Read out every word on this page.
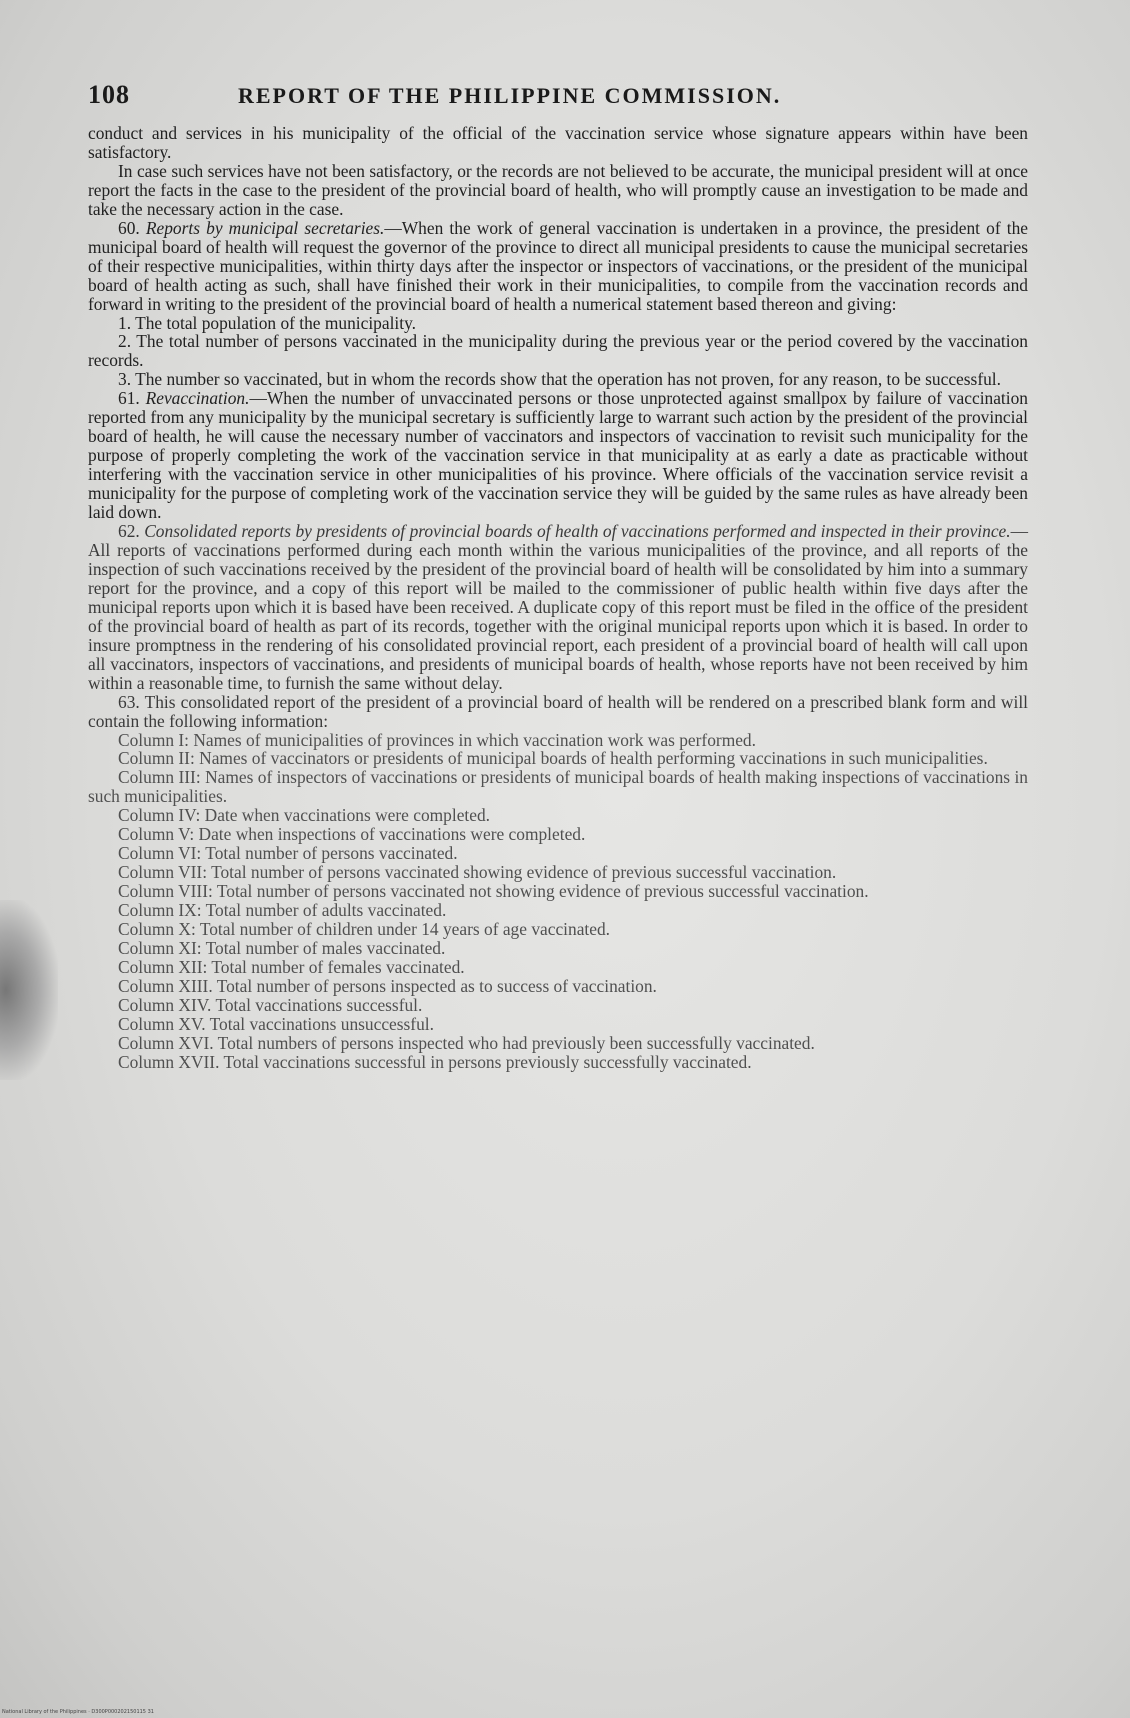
108	REPORT OF THE PHILIPPINE COMMISSION.

conduct and services in his municipality of the official of the vaccination service whose signature appears within have been satisfactory.

In case such services have not been satisfactory, or the records are not believed to be accurate, the municipal president will at once report the facts in the case to the president of the provincial board of health, who will promptly cause an investigation to be made and take the necessary action in the case.

60. Reports by municipal secretaries.—When the work of general vaccination is undertaken in a province, the president of the municipal board of health will request the governor of the province to direct all municipal presidents to cause the municipal secretaries of their respective municipalities, within thirty days after the inspector or inspectors of vaccinations, or the president of the municipal board of health acting as such, shall have finished their work in their municipalities, to compile from the vaccination records and forward in writing to the president of the provincial board of health a numerical statement based thereon and giving:

1. The total population of the municipality.

2. The total number of persons vaccinated in the municipality during the previous year or the period covered by the vaccination records.

3. The number so vaccinated, but in whom the records show that the operation has not proven, for any reason, to be successful.

61. Revaccination.—When the number of unvaccinated persons or those unprotected against smallpox by failure of vaccination reported from any municipality by the municipal secretary is sufficiently large to warrant such action by the president of the provincial board of health, he will cause the necessary number of vaccinators and inspectors of vaccination to revisit such municipality for the purpose of properly completing the work of the vaccination service in that municipality at as early a date as practicable without interfering with the vaccination service in other municipalities of his province. Where officials of the vaccination service revisit a municipality for the purpose of completing work of the vaccination service they will be guided by the same rules as have already been laid down.

62. Consolidated reports by presidents of provincial boards of health of vaccinations performed and inspected in their province.—All reports of vaccinations performed during each month within the various municipalities of the province, and all reports of the inspection of such vaccinations received by the president of the provincial board of health will be consolidated by him into a summary report for the province, and a copy of this report will be mailed to the commissioner of public health within five days after the municipal reports upon which it is based have been received. A duplicate copy of this report must be filed in the office of the president of the provincial board of health as part of its records, together with the original municipal reports upon which it is based. In order to insure promptness in the rendering of his consolidated provincial report, each president of a provincial board of health will call upon all vaccinators, inspectors of vaccinations, and presidents of municipal boards of health, whose reports have not been received by him within a reasonable time, to furnish the same without delay.

63. This consolidated report of the president of a provincial board of health will be rendered on a prescribed blank form and will contain the following information:

Column I: Names of municipalities of provinces in which vaccination work was performed.

Column II: Names of vaccinators or presidents of municipal boards of health performing vaccinations in such municipalities.

Column III: Names of inspectors of vaccinations or presidents of municipal boards of health making inspections of vaccinations in such municipalities.

Column IV: Date when vaccinations were completed.

Column V: Date when inspections of vaccinations were completed.

Column VI: Total number of persons vaccinated.

Column VII: Total number of persons vaccinated showing evidence of previous successful vaccination.

Column VIII: Total number of persons vaccinated not showing evidence of previous successful vaccination.

Column IX: Total number of adults vaccinated.

Column X: Total number of children under 14 years of age vaccinated.

Column XI: Total number of males vaccinated.

Column XII: Total number of females vaccinated.

Column XIII. Total number of persons inspected as to success of vaccination.

Column XIV. Total vaccinations successful.

Column XV. Total vaccinations unsuccessful.

Column XVI. Total numbers of persons inspected who had previously been successfully vaccinated.

Column XVII. Total vaccinations successful in persons previously successfully vaccinated.

National Library of the Philippines · D300P000202150115 31
